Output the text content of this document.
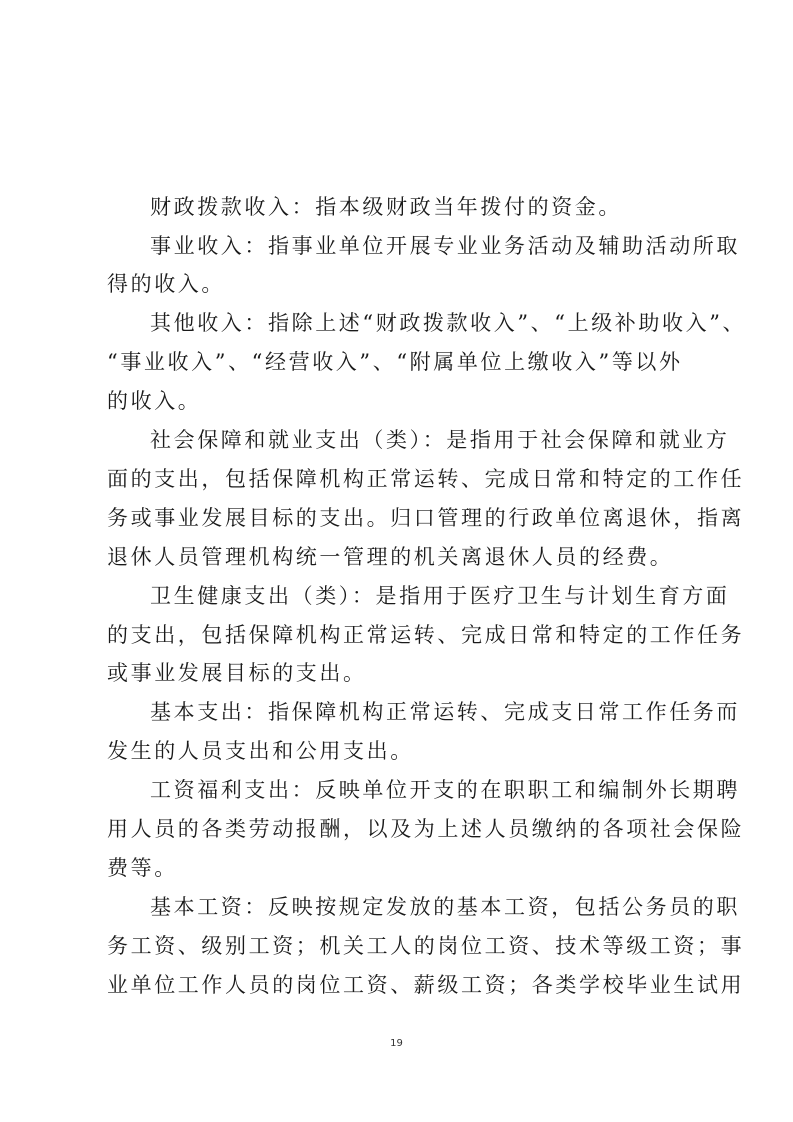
财政拨款收入：指本级财政当年拨付的资金。
事业收入：指事业单位开展专业业务活动及辅助活动所取
得的收入。
其他收入：指除上述“财政拨款收入”、“上级补助收入”、
“事业收入”、“经营收入”、“附属单位上缴收入”等以外
的收入。
社会保障和就业支出（类）：是指用于社会保障和就业方
面的支出，包括保障机构正常运转、完成日常和特定的工作任
务或事业发展目标的支出。归口管理的行政单位离退休，指离
退休人员管理机构统一管理的机关离退休人员的经费。
卫生健康支出（类）：是指用于医疗卫生与计划生育方面
的支出，包括保障机构正常运转、完成日常和特定的工作任务
或事业发展目标的支出。
基本支出：指保障机构正常运转、完成支日常工作任务而
发生的人员支出和公用支出。
工资福利支出：反映单位开支的在职职工和编制外长期聘
用人员的各类劳动报酬，以及为上述人员缴纳的各项社会保险
费等。
基本工资：反映按规定发放的基本工资，包括公务员的职
务工资、级别工资；机关工人的岗位工资、技术等级工资；事
业单位工作人员的岗位工资、薪级工资；各类学校毕业生试用
19
